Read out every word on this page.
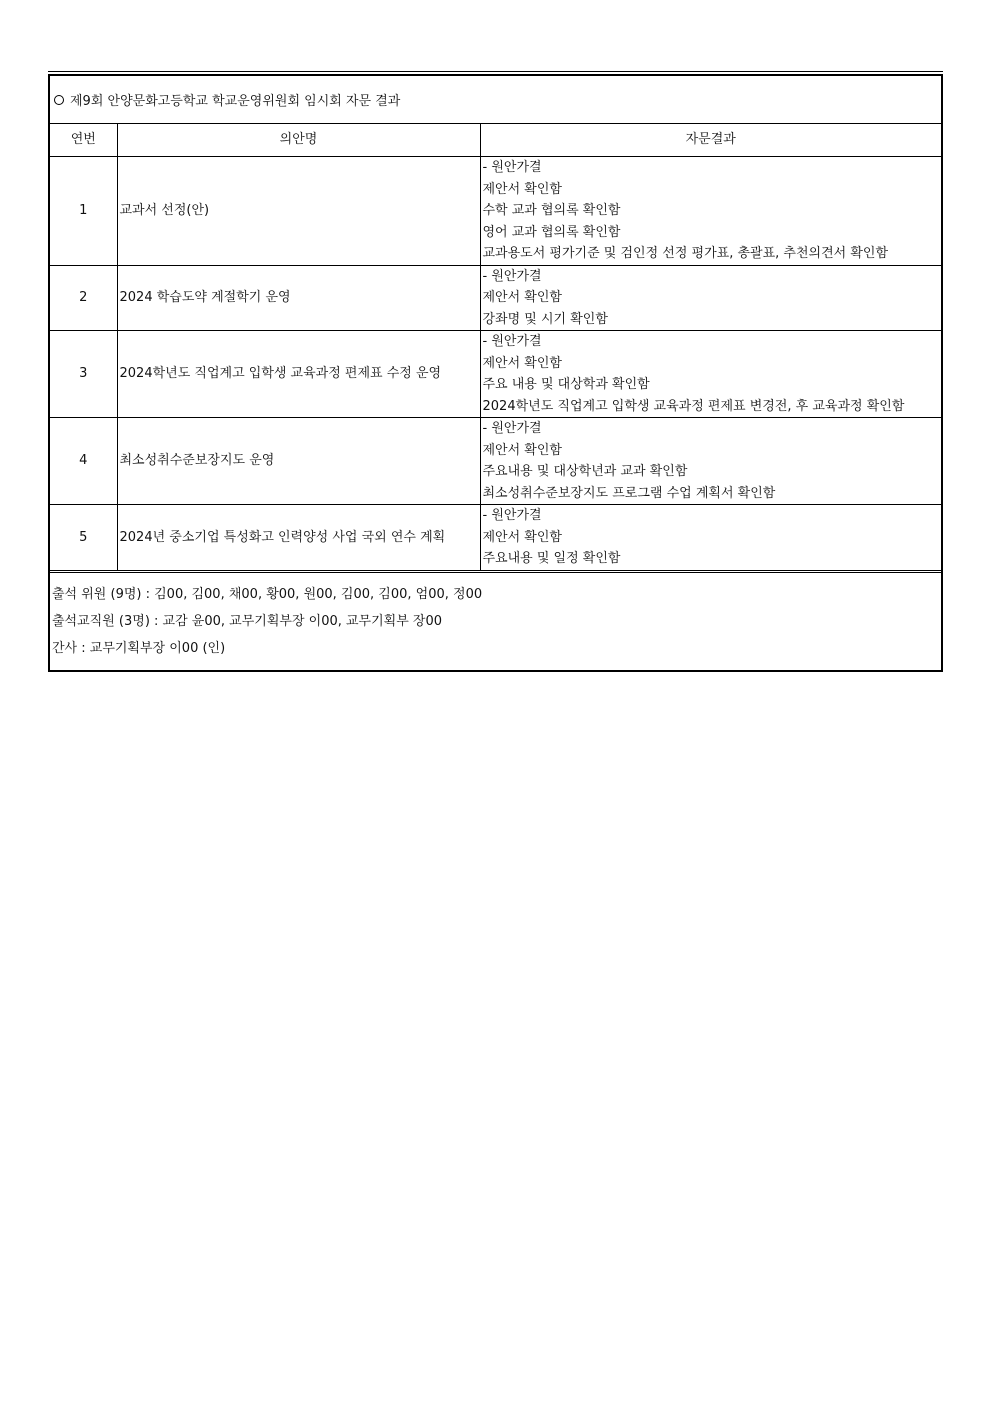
제9회 안양문화고등학교 학교운영위원회 임시회 자문 결과
연번	의안명	자문결과
1	교과서 선정(안)	- 원안가결
제안서 확인함
수학 교과 협의록 확인함
영어 교과 협의록 확인함
교과용도서 평가기준 및 검인정 선정 평가표, 총괄표, 추천의견서 확인함

2	2024 학습도약 계절학기 운영	- 원안가결
제안서 확인함
강좌명 및 시기 확인함

3	2024학년도 직업계고 입학생 교육과정 편제표 수정 운영	- 원안가결
제안서 확인함
주요 내용 및 대상학과 확인함
2024학년도 직업계고 입학생 교육과정 편제표 변경전, 후 교육과정 확인함

4	최소성취수준보장지도 운영	- 원안가결
제안서 확인함
주요내용 및 대상학년과 교과 확인함
최소성취수준보장지도 프로그램 수업 계획서 확인함

5	2024년 중소기업 특성화고 인력양성 사업 국외 연수 계획	- 원안가결
제안서 확인함
주요내용 및 일정 확인함
출석 위원 (9명) : 김00, 김00, 채00, 황00, 원00, 김00, 김00, 엄00, 정00
출석교직원 (3명) : 교감 윤00, 교무기획부장 이00, 교무기획부 장00
간사 : 교무기획부장 이00 (인)
